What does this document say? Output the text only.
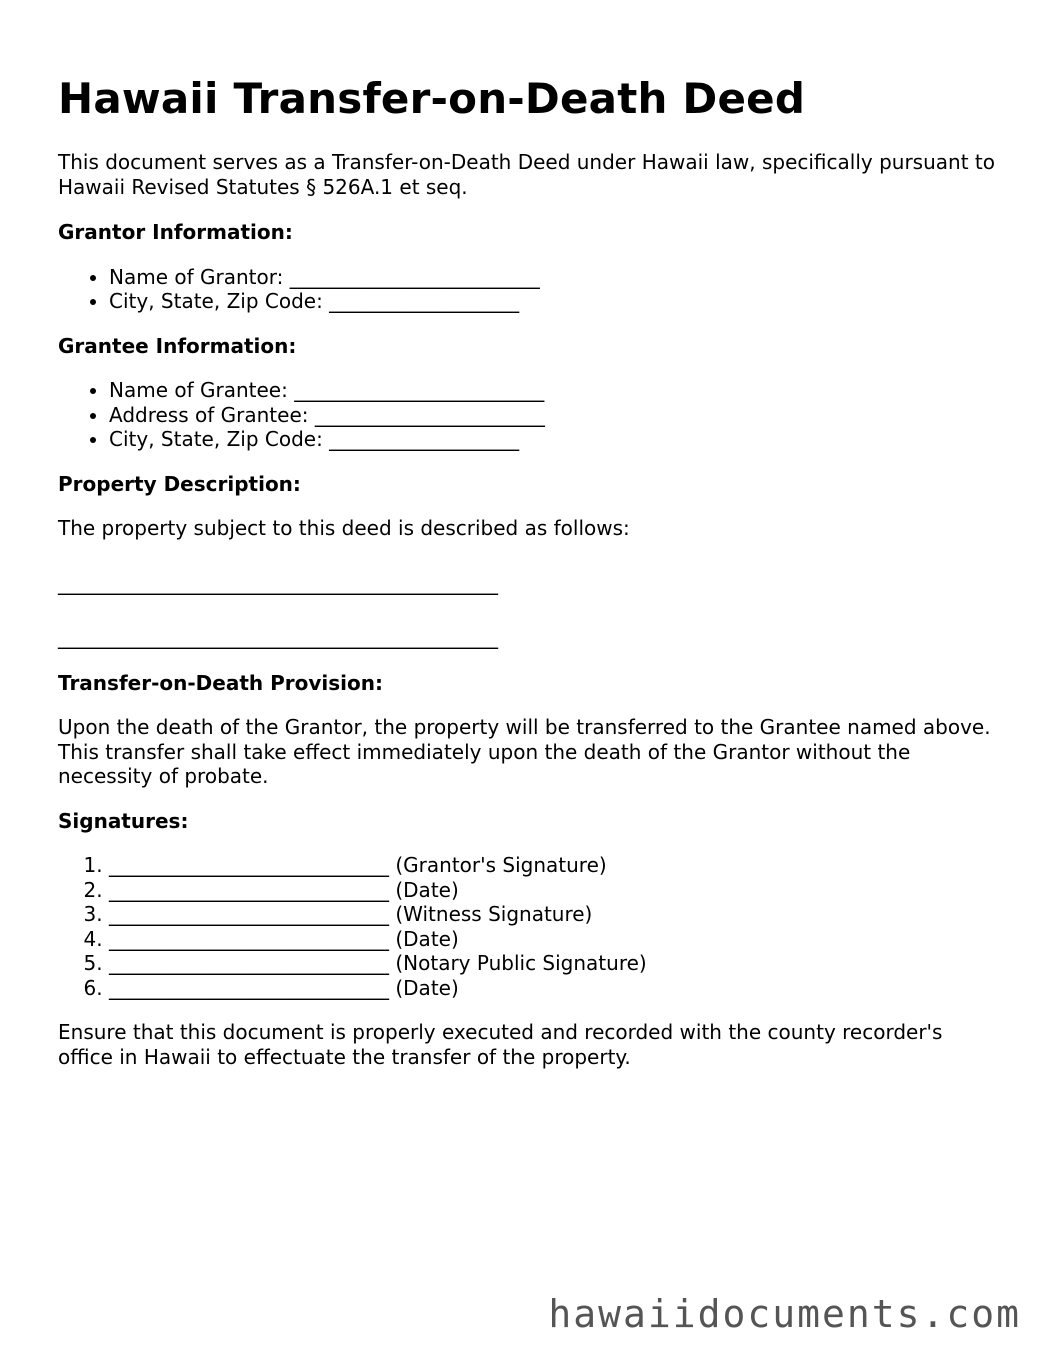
Hawaii Transfer-on-Death Deed

This document serves as a Transfer-on-Death Deed under Hawaii law, specifically pursuant to Hawaii Revised Statutes § 526A.1 et seq.

Grantor Information:

• Name of Grantor: _________________________
• City, State, Zip Code: ___________________

Grantee Information:

• Name of Grantee: _________________________
• Address of Grantee: _______________________
• City, State, Zip Code: ___________________

Property Description:

The property subject to this deed is described as follows:

____________________________________________

____________________________________________

Transfer-on-Death Provision:

Upon the death of the Grantor, the property will be transferred to the Grantee named above. This transfer shall take effect immediately upon the death of the Grantor without the necessity of probate.

Signatures:

1. ____________________________ (Grantor's Signature)
2. ____________________________ (Date)
3. ____________________________ (Witness Signature)
4. ____________________________ (Date)
5. ____________________________ (Notary Public Signature)
6. ____________________________ (Date)

Ensure that this document is properly executed and recorded with the county recorder's office in Hawaii to effectuate the transfer of the property.

hawaiidocuments.com
